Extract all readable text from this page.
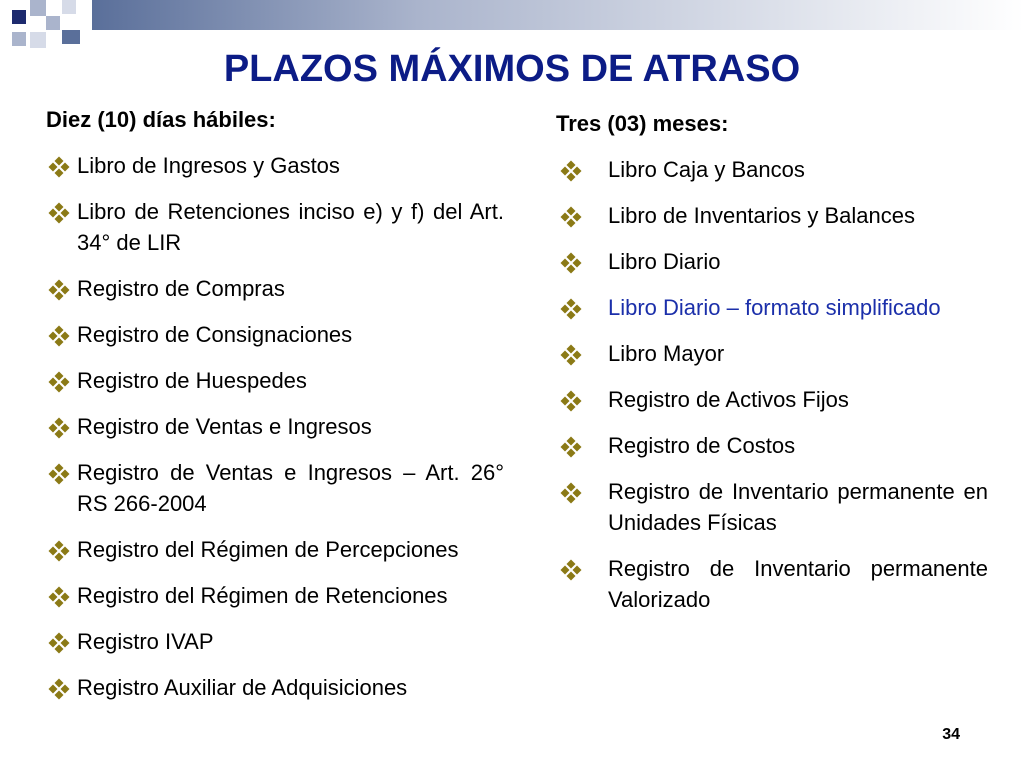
PLAZOS MÁXIMOS DE ATRASO
Diez (10) días hábiles:
Libro de Ingresos y Gastos
Libro de Retenciones inciso e) y f) del Art. 34° de LIR
Registro de Compras
Registro de Consignaciones
Registro de Huespedes
Registro de Ventas e Ingresos
Registro de Ventas e Ingresos – Art. 26° RS 266-2004
Registro del Régimen de Percepciones
Registro del Régimen de Retenciones
Registro IVAP
Registro Auxiliar de Adquisiciones
Tres (03) meses:
Libro Caja y Bancos
Libro de Inventarios y Balances
Libro Diario
Libro Diario – formato simplificado
Libro Mayor
Registro de Activos Fijos
Registro de Costos
Registro de Inventario permanente en Unidades Físicas
Registro de Inventario permanente Valorizado
34
